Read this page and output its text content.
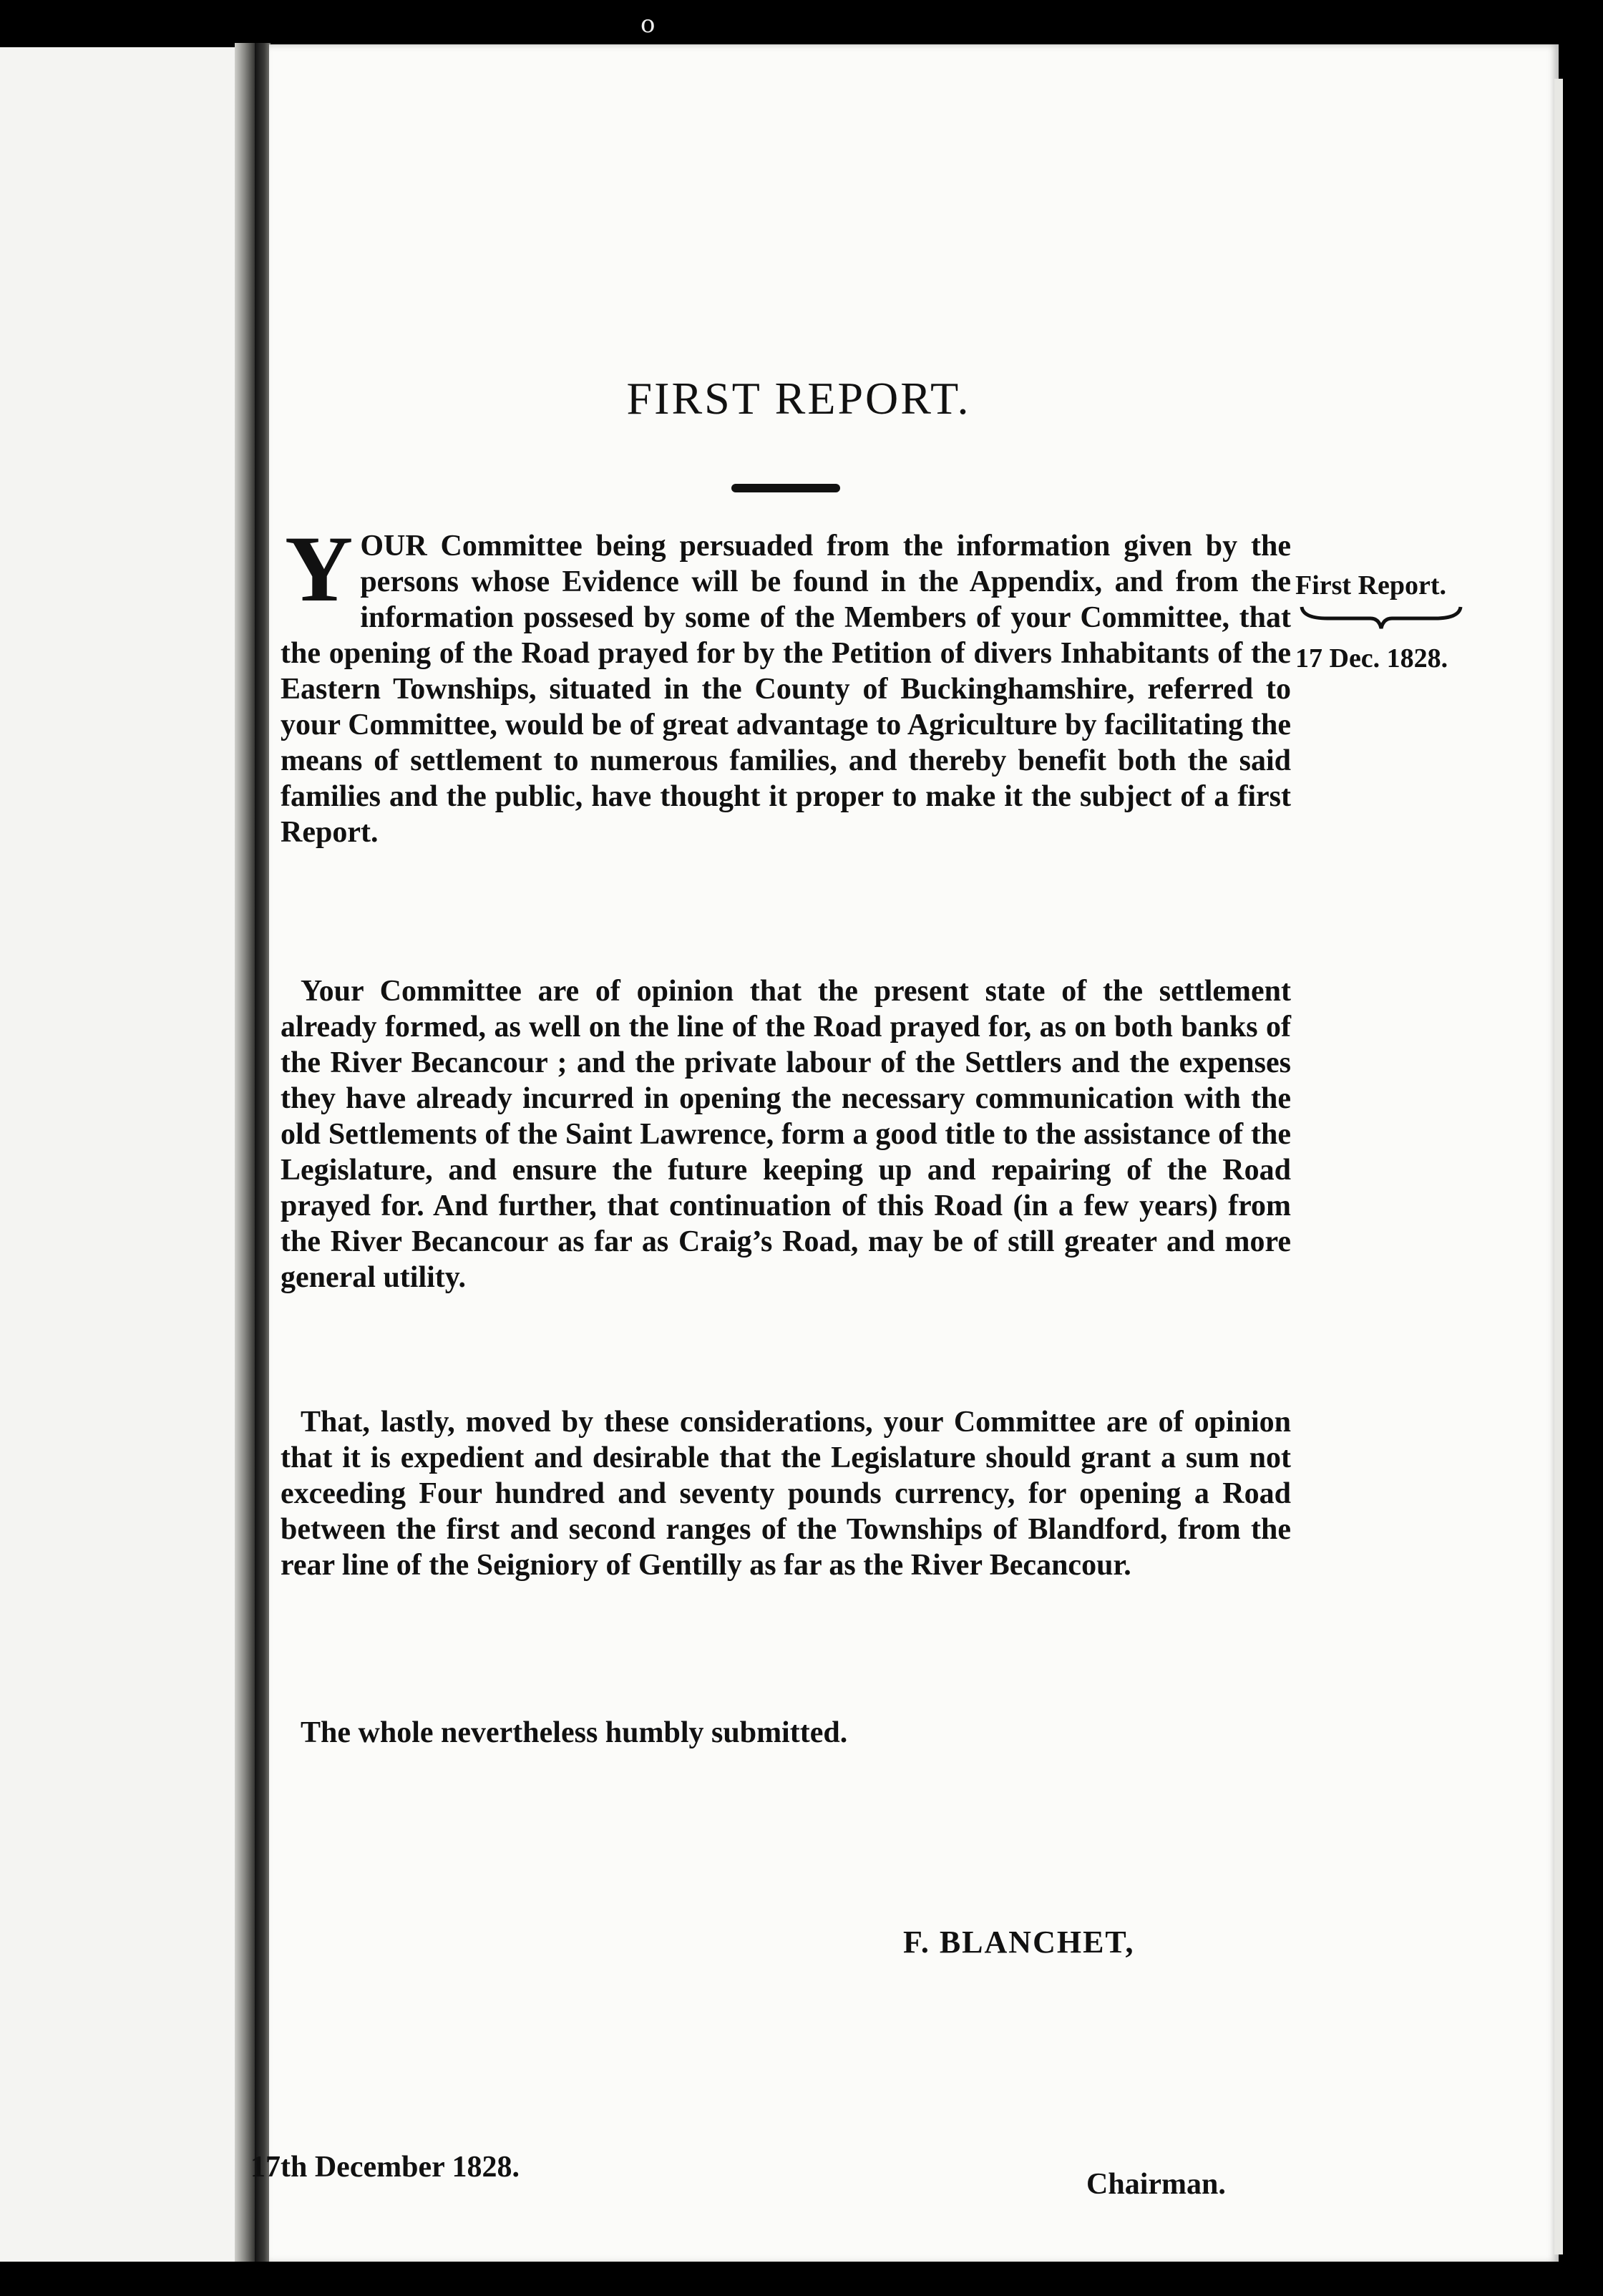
o
FIRST REPORT.
YOUR Committee being persuaded from the information given by the persons whose Evidence will be found in the Appendix, and from the information possesed by some of the Members of your Committee, that the opening of the Road prayed for by the Petition of divers Inhabitants of the Eastern Townships, situated in the County of Buckinghamshire, referred to your Committee, would be of great advantage to Agriculture by facilitating the means of settlement to numerous families, and thereby benefit both the said families and the public, have thought it proper to make it the subject of a first Report.
First Report.
17 Dec. 1828.
Your Committee are of opinion that the present state of the settlement already formed, as well on the line of the Road prayed for, as on both banks of the River Becancour ; and the private labour of the Settlers and the expenses they have already incurred in opening the necessary communication with the old Settlements of the Saint Lawrence, form a good title to the assistance of the Legislature, and ensure the future keeping up and repairing of the Road prayed for. And further, that continuation of this Road (in a few years) from the River Becancour as far as Craig’s Road, may be of still greater and more general utility.
That, lastly, moved by these considerations, your Committee are of opinion that it is expedient and desirable that the Legislature should grant a sum not exceeding Four hundred and seventy pounds currency, for opening a Road between the first and second ranges of the Townships of Blandford, from the rear line of the Seigniory of Gentilly as far as the River Becancour.
The whole nevertheless humbly submitted.
F. BLANCHET,
17th December 1828.
Chairman.
